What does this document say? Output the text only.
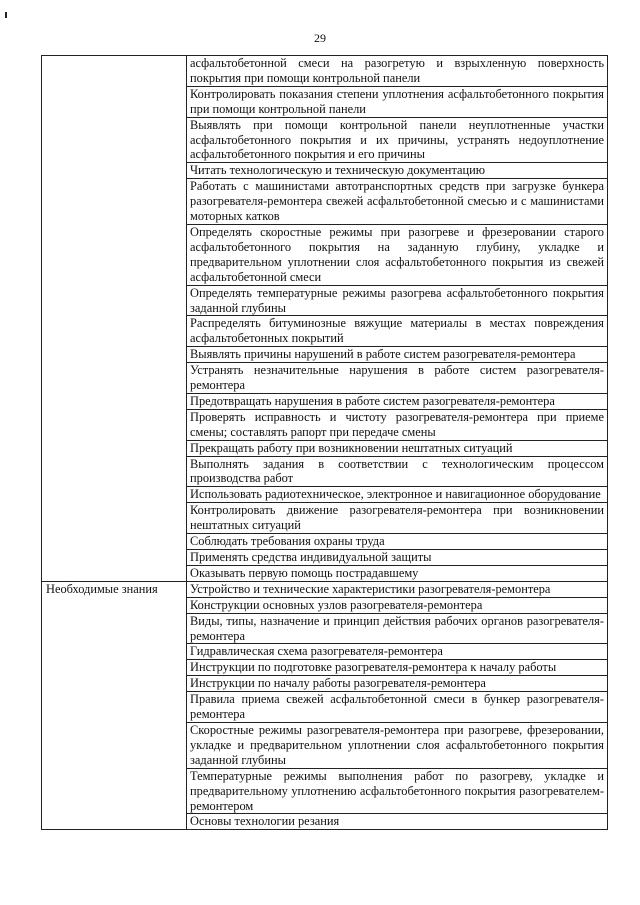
29
	асфальтобетонной смеси на разогретую и взрыхленную поверхность покрытия при помощи контрольной панели
	Контролировать показания степени уплотнения асфальтобетонного покрытия при помощи контрольной панели
	Выявлять при помощи контрольной панели неуплотненные участки асфальтобетонного покрытия и их причины, устранять недоуплотнение асфальтобетонного покрытия и его причины
	Читать технологическую и техническую документацию
	Работать с машинистами автотранспортных средств при загрузке бункера разогревателя-ремонтера свежей асфальтобетонной смесью и с машинистами моторных катков
	Определять скоростные режимы при разогреве и фрезеровании старого асфальтобетонного покрытия на заданную глубину, укладке и предварительном уплотнении слоя асфальтобетонного покрытия из свежей асфальтобетонной смеси
	Определять температурные режимы разогрева асфальтобетонного покрытия заданной глубины
	Распределять битуминозные вяжущие материалы в местах повреждения асфальтобетонных покрытий
	Выявлять причины нарушений в работе систем разогревателя-ремонтера
	Устранять незначительные нарушения в работе систем разогревателя-ремонтера
	Предотвращать нарушения в работе систем разогревателя-ремонтера
	Проверять исправность и чистоту разогревателя-ремонтера при приеме смены; составлять рапорт при передаче смены
	Прекращать работу при возникновении нештатных ситуаций
	Выполнять задания в соответствии с технологическим процессом производства работ
	Использовать радиотехническое, электронное и навигационное оборудование
	Контролировать движение разогревателя-ремонтера при возникновении нештатных ситуаций
	Соблюдать требования охраны труда
	Применять средства индивидуальной защиты
	Оказывать первую помощь пострадавшему
Необходимые знания	Устройство и технические характеристики разогревателя-ремонтера
	Конструкции основных узлов разогревателя-ремонтера
	Виды, типы, назначение и принцип действия рабочих органов разогревателя-ремонтера
	Гидравлическая схема разогревателя-ремонтера
	Инструкции по подготовке разогревателя-ремонтера к началу работы
	Инструкции по началу работы разогревателя-ремонтера
	Правила приема свежей асфальтобетонной смеси в бункер разогревателя-ремонтера
	Скоростные режимы разогревателя-ремонтера при разогреве, фрезеровании, укладке и предварительном уплотнении слоя асфальтобетонного покрытия заданной глубины
	Температурные режимы выполнения работ по разогреву, укладке и предварительному уплотнению асфальтобетонного покрытия разогревателем-ремонтером
	Основы технологии резания
